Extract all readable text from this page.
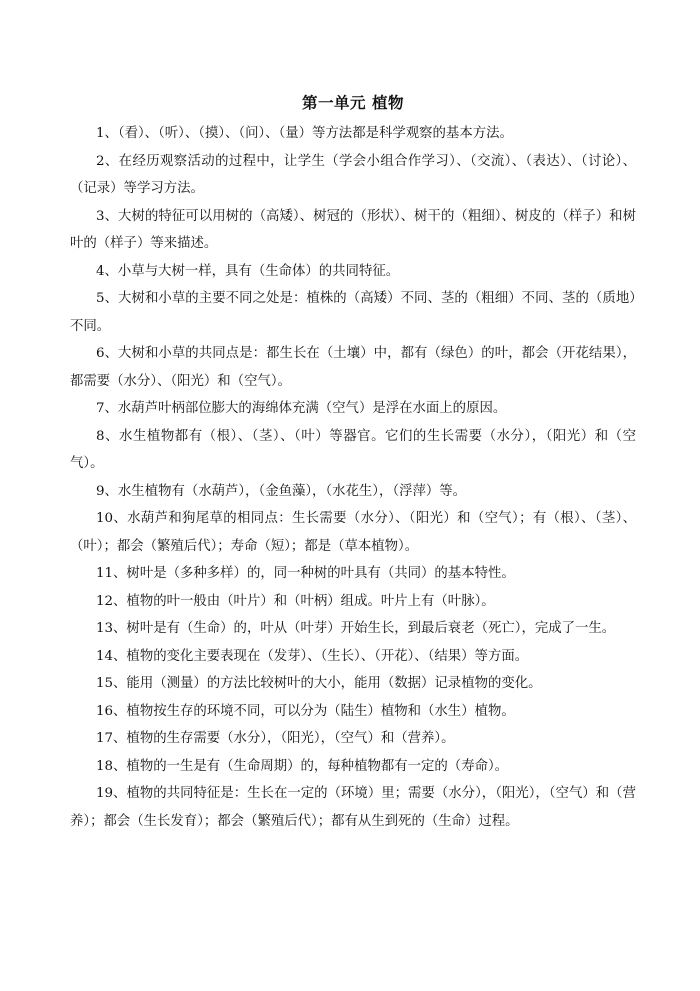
第一单元 植物

1、（看）、（听）、（摸）、（问）、（量）等方法都是科学观察的基本方法。

2、在经历观察活动的过程中，让学生（学会小组合作学习）、（交流）、（表达）、（讨论）、（记录）等学习方法。

3、大树的特征可以用树的（高矮）、树冠的（形状）、树干的（粗细）、树皮的（样子）和树叶的（样子）等来描述。

4、小草与大树一样，具有（生命体）的共同特征。

5、大树和小草的主要不同之处是：植株的（高矮）不同、茎的（粗细）不同、茎的（质地）不同。

6、大树和小草的共同点是：都生长在（土壤）中，都有（绿色）的叶，都会（开花结果），都需要（水分）、（阳光）和（空气）。

7、水葫芦叶柄部位膨大的海绵体充满（空气）是浮在水面上的原因。

8、水生植物都有（根）、（茎）、（叶）等器官。它们的生长需要（水分），（阳光）和（空气）。

9、水生植物有（水葫芦），（金鱼藻），（水花生），（浮萍）等。

10、水葫芦和狗尾草的相同点：生长需要（水分）、（阳光）和（空气）；有（根）、（茎）、（叶）；都会（繁殖后代）；寿命（短）；都是（草本植物）。

11、树叶是（多种多样）的，同一种树的叶具有（共同）的基本特性。

12、植物的叶一般由（叶片）和（叶柄）组成。叶片上有（叶脉）。

13、树叶是有（生命）的，叶从（叶芽）开始生长，到最后衰老（死亡），完成了一生。

14、植物的变化主要表现在（发芽）、（生长）、（开花）、（结果）等方面。

15、能用（测量）的方法比较树叶的大小，能用（数据）记录植物的变化。

16、植物按生存的环境不同，可以分为（陆生）植物和（水生）植物。

17、植物的生存需要（水分），（阳光），（空气）和（营养）。

18、植物的一生是有（生命周期）的，每种植物都有一定的（寿命）。

19、植物的共同特征是：生长在一定的（环境）里；需要（水分），（阳光），（空气）和（营养）；都会（生长发育）；都会（繁殖后代）；都有从生到死的（生命）过程。
